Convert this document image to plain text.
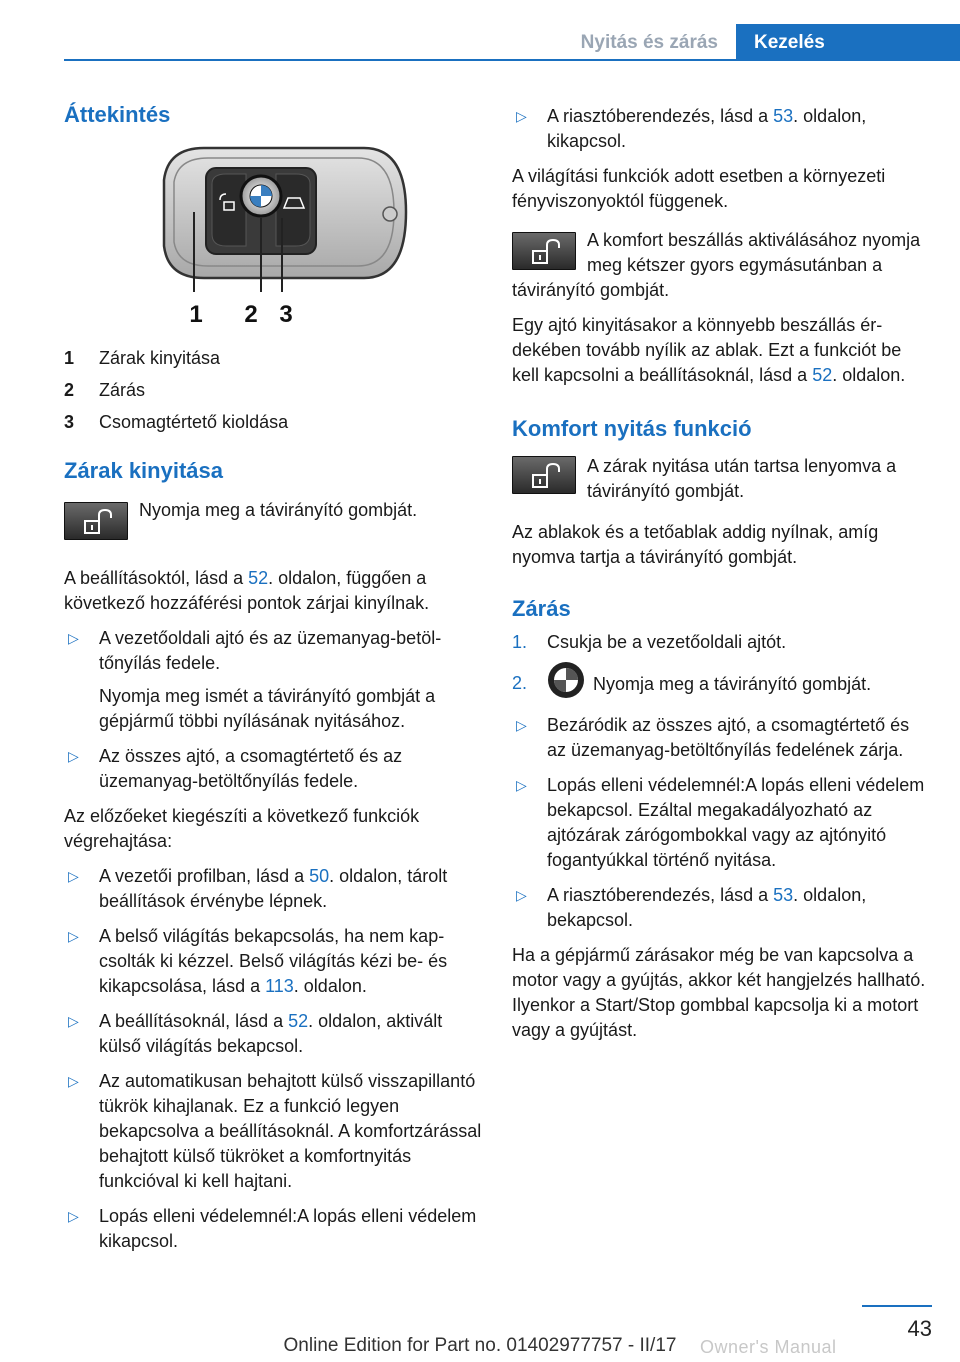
Nyitás és zárás	Kezelés
Áttekintés
1 2 3
1	Zárak kinyitása
2	Zárás
3	Csomagtértető kioldása
Zárak kinyitása
Nyomja meg a távirányító gombját.
A beállításoktól, lásd a 52. oldalon, függően a következő hozzáférési pontok zárjai kinyílnak.
▷ A vezetőoldali ajtó és az üzemanyag-betöltőnyílás fedele.
Nyomja meg ismét a távirányító gombját a gépjármű többi nyílásának nyitásához.
▷ Az összes ajtó, a csomagtértető és az üzemanyag-betöltőnyílás fedele.
Az előzőeket kiegészíti a következő funkciók végrehajtása:
▷ A vezetői profilban, lásd a 50. oldalon, tárolt beállítások érvénybe lépnek.
▷ A belső világítás bekapcsolás, ha nem kapcsolták ki kézzel. Belső világítás kézi be- és kikapcsolása, lásd a 113. oldalon.
▷ A beállításoknál, lásd a 52. oldalon, aktivált külső világítás bekapcsol.
▷ Az automatikusan behajtott külső visszapillantó tükrök kihajlanak. Ez a funkció legyen bekapcsolva a beállításoknál. A komfortzárással behajtott külső tükröket a komfortnyitás funkcióval ki kell hajtani.
▷ Lopás elleni védelemnél:A lopás elleni védelem kikapcsol.
▷ A riasztóberendezés, lásd a 53. oldalon, kikapcsol.
A világítási funkciók adott esetben a környezeti fényviszonyoktól függenek.
A komfort beszállás aktiválásához nyomja meg kétszer gyors egymásutánban a távirányító gombját.
Egy ajtó kinyitásakor a könnyebb beszállás érdekében tovább nyílik az ablak. Ezt a funkciót be kell kapcsolni a beállításoknál, lásd a 52. oldalon.
Komfort nyitás funkció
A zárak nyitása után tartsa lenyomva a távirányító gombját.
Az ablakok és a tetőablak addig nyílnak, amíg nyomva tartja a távirányító gombját.
Zárás
1. Csukja be a vezetőoldali ajtót.
2.	Nyomja meg a távirányító gombját.
▷ Bezáródik az összes ajtó, a csomagtértető és az üzemanyag-betöltőnyílás fedelének zárja.
▷ Lopás elleni védelemnél:A lopás elleni védelem bekapcsol. Ezáltal megakadályozható az ajtózárak zárógombokkal vagy az ajtónyitó fogantyúkkal történő nyitása.
▷ A riasztóberendezés, lásd a 53. oldalon, bekapcsol.
Ha a gépjármű zárásakor még be van kapcsolva a motor vagy a gyújtás, akkor két hangjelzés hallható. Ilyenkor a Start/Stop gombbal kapcsolja ki a motort vagy a gyújtást.
43
Owner's Manual
Online Edition for Part no. 01402977757 - II/17
